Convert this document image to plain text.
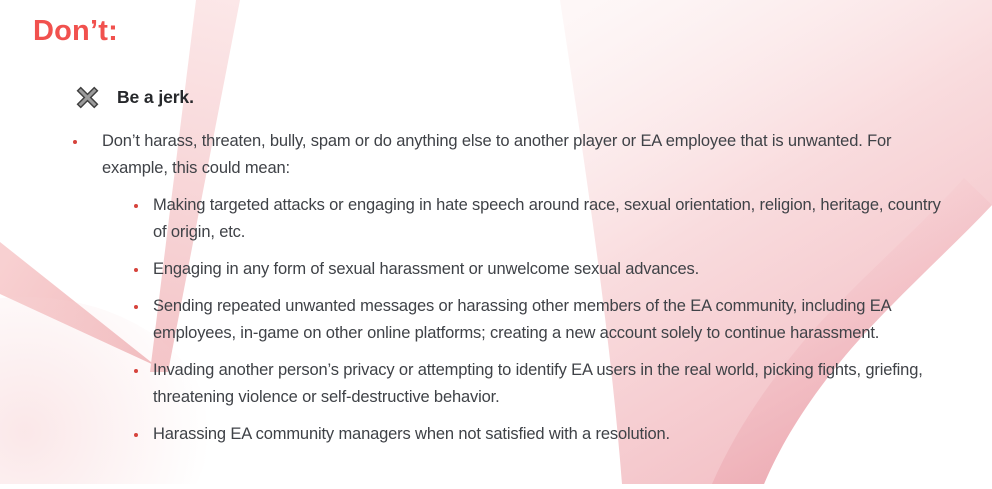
Don’t:
Be a jerk.
Don’t harass, threaten, bully, spam or do anything else to another player or EA employee that is unwanted. For example, this could mean:
Making targeted attacks or engaging in hate speech around race, sexual orientation, religion, heritage, country of origin, etc.
Engaging in any form of sexual harassment or unwelcome sexual advances.
Sending repeated unwanted messages or harassing other members of the EA community, including EA employees, in-game on other online platforms; creating a new account solely to continue harassment.
Invading another person’s privacy or attempting to identify EA users in the real world, picking fights, griefing, threatening violence or self-destructive behavior.
Harassing EA community managers when not satisfied with a resolution.
